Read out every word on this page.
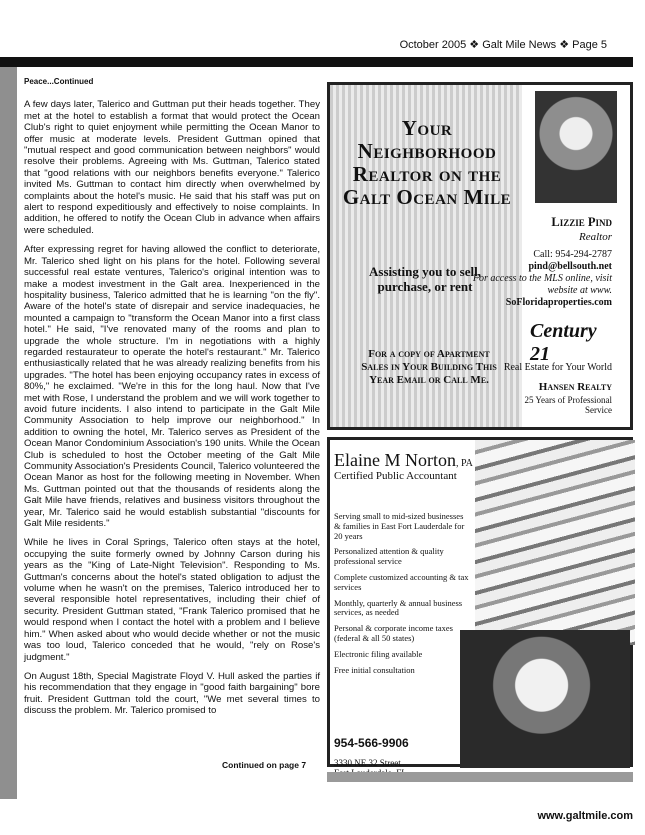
October 2005 ❖ Galt Mile News ❖ Page 5
Peace...Continued

A few days later, Talerico and Guttman put their heads together. They met at the hotel to establish a format that would protect the Ocean Club's right to quiet enjoyment while permitting the Ocean Manor to offer music at moderate levels. President Guttman opined that "mutual respect and good communication between neighbors" would resolve their problems. Agreeing with Ms. Guttman, Talerico stated that "good relations with our neighbors benefits everyone." Talerico invited Ms. Guttman to contact him directly when overwhelmed by complaints about the hotel's music. He said that his staff was put on alert to respond expeditiously and effectively to noise complaints. In addition, he offered to notify the Ocean Club in advance when affairs were scheduled.

After expressing regret for having allowed the conflict to deteriorate, Mr. Talerico shed light on his plans for the hotel. Following several successful real estate ventures, Talerico's original intention was to make a modest investment in the Galt area. Inexperienced in the hospitality business, Talerico admitted that he is learning "on the fly". Aware of the hotel's state of disrepair and service inadequacies, he mounted a campaign to "transform the Ocean Manor into a first class hotel." He said, "I've renovated many of the rooms and plan to upgrade the whole structure. I'm in negotiations with a highly regarded restaurateur to operate the hotel's restaurant." Mr. Talerico enthusiastically related that he was already realizing benefits from his upgrades. "The hotel has been enjoying occupancy rates in excess of 80%," he exclaimed. "We're in this for the long haul. Now that I've met with Rose, I understand the problem and we will work together to avoid future incidents. I also intend to participate in the Galt Mile Community Association to help improve our neighborhood." In addition to owning the hotel, Mr. Talerico serves as President of the Ocean Manor Condominium Association's 190 units. While the Ocean Club is scheduled to host the October meeting of the Galt Mile Community Association's Presidents Council, Talerico volunteered the Ocean Manor as host for the following meeting in November. When Ms. Guttman pointed out that the thousands of residents along the Galt Mile have friends, relatives and business visitors throughout the year, Mr. Talerico said he would establish substantial "discounts for Galt Mile residents."

While he lives in Coral Springs, Talerico often stays at the hotel, occupying the suite formerly owned by Johnny Carson during his years as the "King of Late-Night Television". Responding to Ms. Guttman's concerns about the hotel's stated obligation to adjust the volume when he wasn't on the premises, Talerico introduced her to several responsible hotel representatives, including their chief of security. President Guttman stated, "Frank Talerico promised that he would respond when I contact the hotel with a problem and I believe him." When asked about who would decide whether or not the music was too loud, Talerico conceded that he would, "rely on Rose's judgment."

On August 18th, Special Magistrate Floyd V. Hull asked the parties if his recommendation that they engage in "good faith bargaining" bore fruit. President Guttman told the court, "We met several times to discuss the problem. Mr. Talerico promised to

Continued on page 7
Your Neighborhood Realtor on the Galt Ocean Mile
Assisting you to sell, purchase, or rent
For a copy of Apartment Sales in Your Building This Year Email or Call Me.
Lizzie Pind
Realtor
Call: 954-294-2787
pind@bellsouth.net
For access to the MLS online, visit website at www.
SoFloridaproperties.com
Century 21
Real Estate for Your World
Hansen Realty
25 Years of Professional Service
Elaine M Norton, PA
Certified Public Accountant
Serving small to mid-sized businesses & families in East Fort Lauderdale for 20 years
Personalized attention & quality professional service
Complete customized accounting & tax services
Monthly, quarterly & annual business services, as needed
Personal & corporate income taxes (federal & all 50 states)
Electronic filing available
Free initial consultation
954-566-9906
3330 NE 32 Street
www.galtmile.com
